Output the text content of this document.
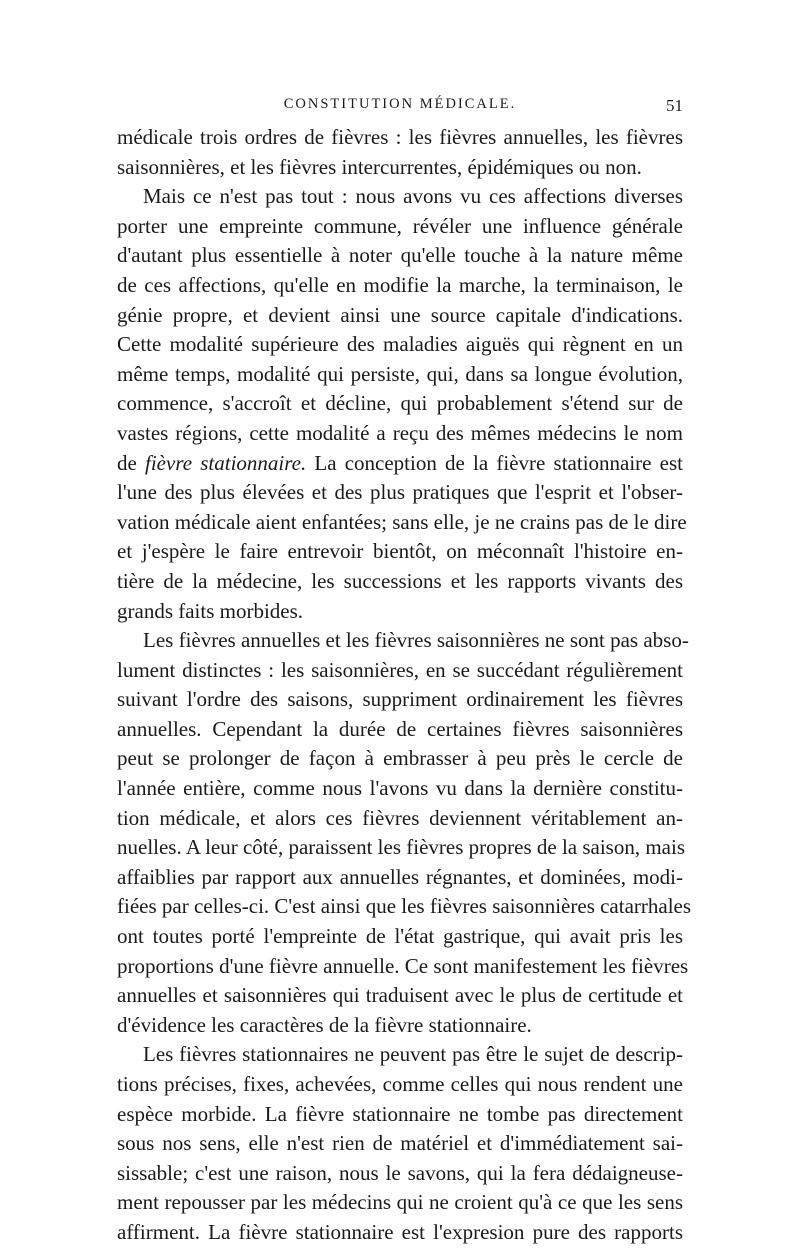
CONSTITUTION MÉDICALE.	51
médicale trois ordres de fièvres : les fièvres annuelles, les fièvres
saisonnières, et les fièvres intercurrentes, épidémiques ou non.
Mais ce n'est pas tout : nous avons vu ces affections diverses
porter une empreinte commune, révéler une influence générale
d'autant plus essentielle à noter qu'elle touche à la nature même
de ces affections, qu'elle en modifie la marche, la terminaison, le
génie propre, et devient ainsi une source capitale d'indications.
Cette modalité supérieure des maladies aiguës qui règnent en un
même temps, modalité qui persiste, qui, dans sa longue évolution,
commence, s'accroît et décline, qui probablement s'étend sur de
vastes régions, cette modalité a reçu des mêmes médecins le nom
de fièvre stationnaire. La conception de la fièvre stationnaire est
l'une des plus élevées et des plus pratiques que l'esprit et l'obser-
vation médicale aient enfantées; sans elle, je ne crains pas de le dire
et j'espère le faire entrevoir bientôt, on méconnaît l'histoire en-
tière de la médecine, les successions et les rapports vivants des
grands faits morbides.
Les fièvres annuelles et les fièvres saisonnières ne sont pas abso-
lument distinctes : les saisonnières, en se succédant régulièrement
suivant l'ordre des saisons, suppriment ordinairement les fièvres
annuelles. Cependant la durée de certaines fièvres saisonnières
peut se prolonger de façon à embrasser à peu près le cercle de
l'année entière, comme nous l'avons vu dans la dernière constitu-
tion médicale, et alors ces fièvres deviennent véritablement an-
nuelles. A leur côté, paraissent les fièvres propres de la saison, mais
affaiblies par rapport aux annuelles régnantes, et dominées, modi-
fiées par celles-ci. C'est ainsi que les fièvres saisonnières catarrhales
ont toutes porté l'empreinte de l'état gastrique, qui avait pris les
proportions d'une fièvre annuelle. Ce sont manifestement les fièvres
annuelles et saisonnières qui traduisent avec le plus de certitude et
d'évidence les caractères de la fièvre stationnaire.
Les fièvres stationnaires ne peuvent pas être le sujet de descrip-
tions précises, fixes, achevées, comme celles qui nous rendent une
espèce morbide. La fièvre stationnaire ne tombe pas directement
sous nos sens, elle n'est rien de matériel et d'immédiatement sai-
sissable; c'est une raison, nous le savons, qui la fera dédaigneuse-
ment repousser par les médecins qui ne croient qu'à ce que les sens
affirment. La fièvre stationnaire est l'expresion pure des rapports
